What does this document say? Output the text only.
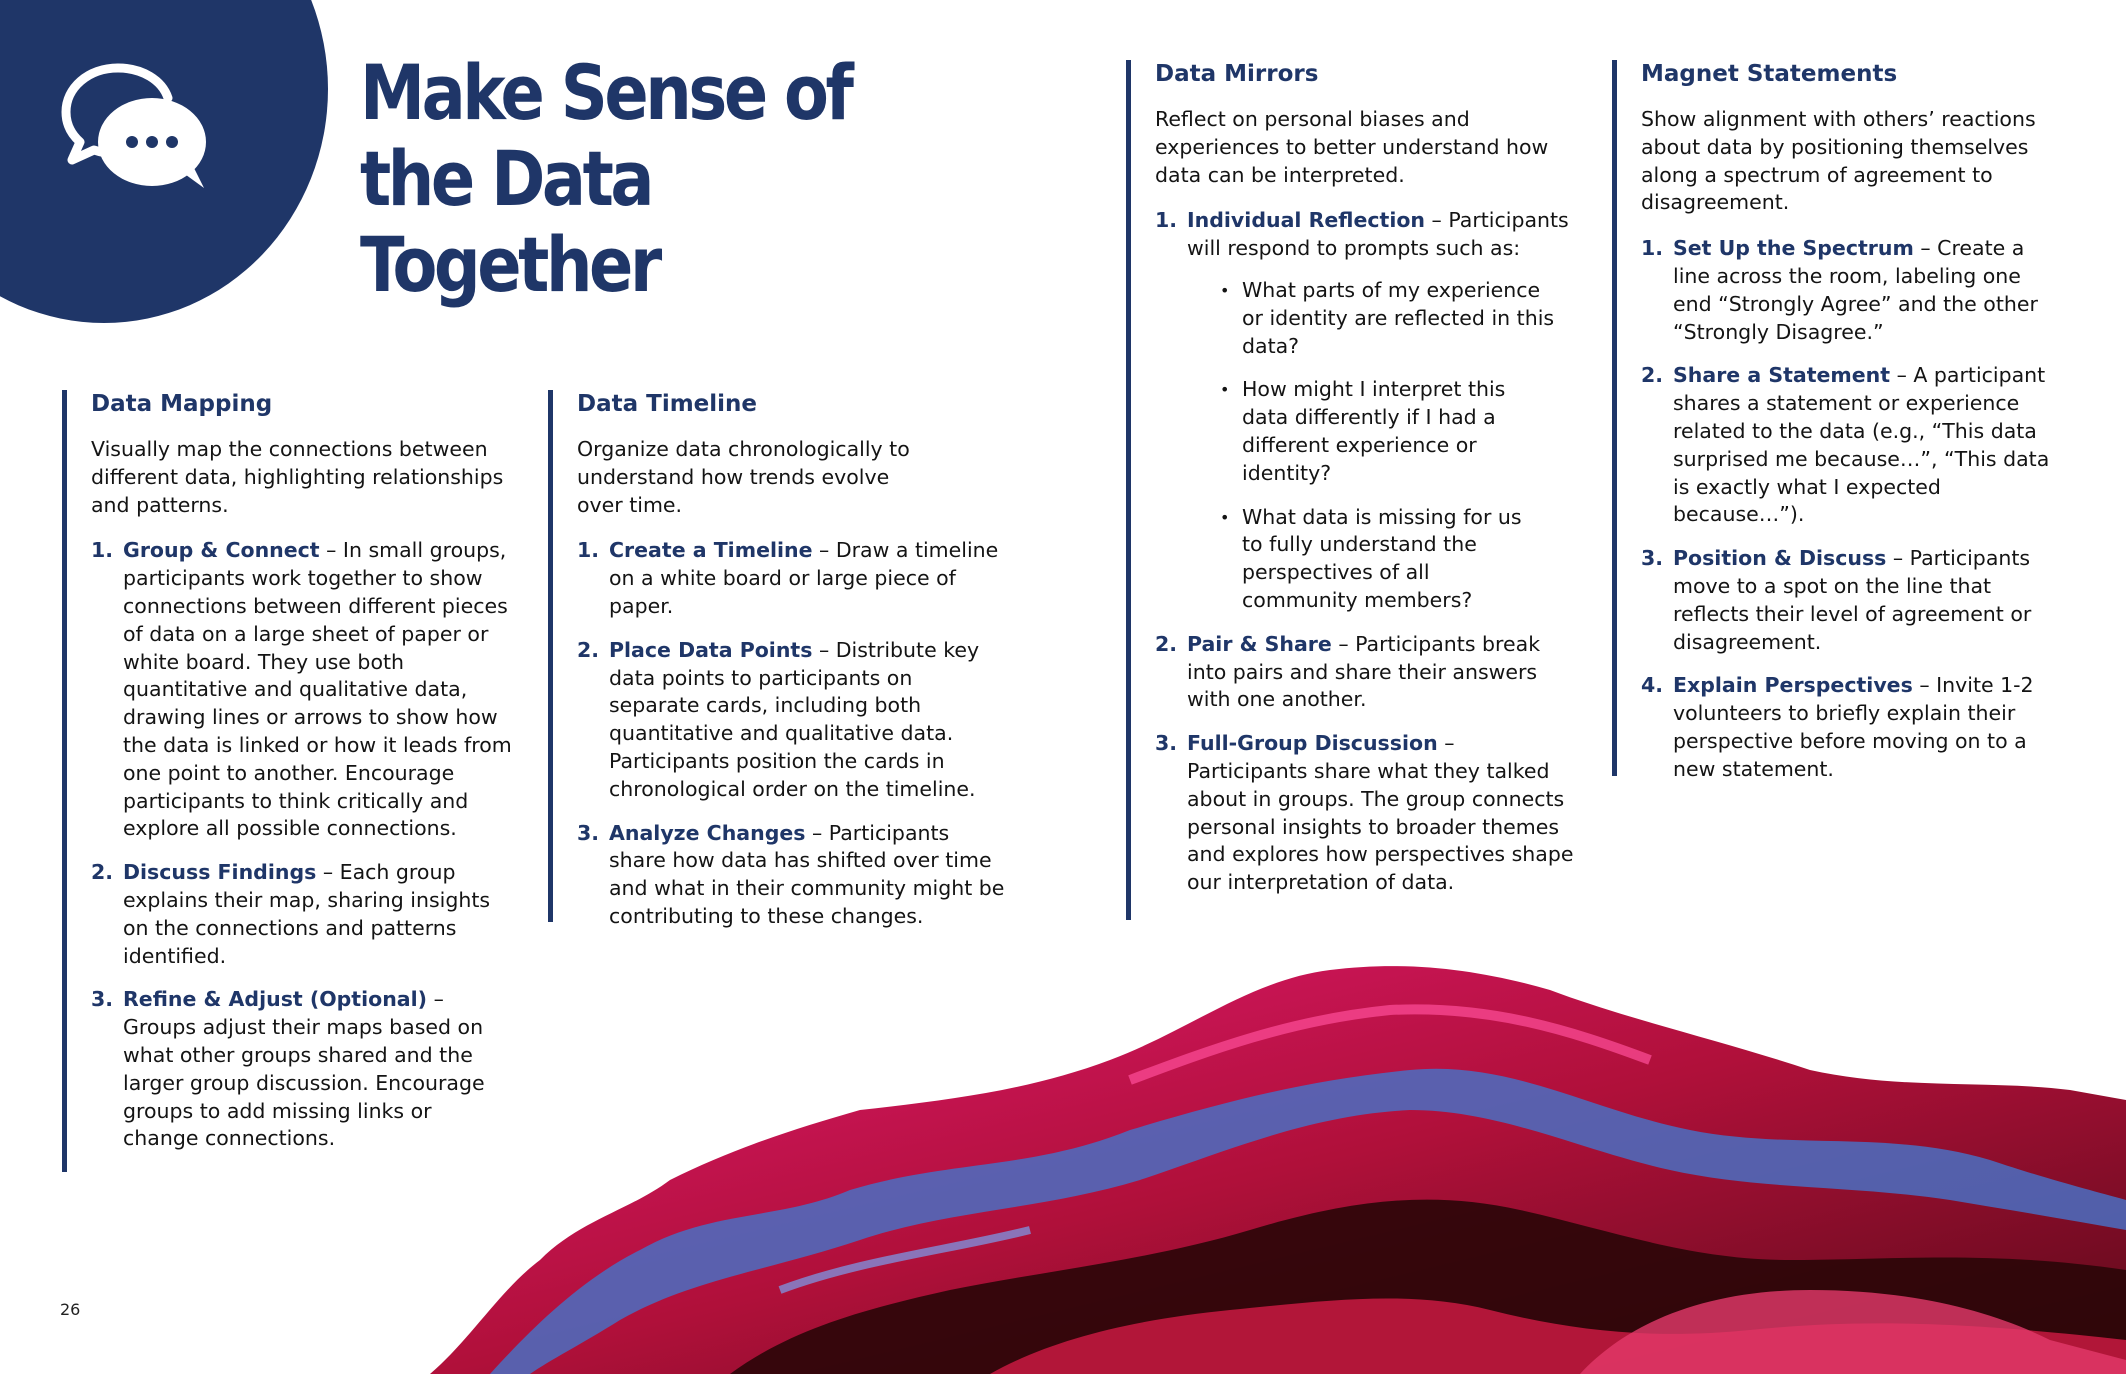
Make Sense of the Data Together
Data Mapping

Visually map the connections between different data, highlighting relationships and patterns.

1. Group & Connect – In small groups, participants work together to show connections between different pieces of data on a large sheet of paper or white board. They use both quantitative and qualitative data, drawing lines or arrows to show how the data is linked or how it leads from one point to another. Encourage participants to think critically and explore all possible connections.
2. Discuss Findings – Each group explains their map, sharing insights on the connections and patterns identified.
3. Refine & Adjust (Optional) – Groups adjust their maps based on what other groups shared and the larger group discussion. Encourage groups to add missing links or change connections.
Data Timeline

Organize data chronologically to understand how trends evolve over time.

1. Create a Timeline – Draw a timeline on a white board or large piece of paper.
2. Place Data Points – Distribute key data points to participants on separate cards, including both quantitative and qualitative data. Participants position the cards in chronological order on the timeline.
3. Analyze Changes – Participants share how data has shifted over time and what in their community might be contributing to these changes.
Data Mirrors

Reflect on personal biases and experiences to better understand how data can be interpreted.

1. Individual Reflection – Participants will respond to prompts such as:
• What parts of my experience or identity are reflected in this data?
• How might I interpret this data differently if I had a different experience or identity?
• What data is missing for us to fully understand the perspectives of all community members?
2. Pair & Share – Participants break into pairs and share their answers with one another.
3. Full-Group Discussion – Participants share what they talked about in groups. The group connects personal insights to broader themes and explores how perspectives shape our interpretation of data.
Magnet Statements

Show alignment with others’ reactions about data by positioning themselves along a spectrum of agreement to disagreement.

1. Set Up the Spectrum – Create a line across the room, labeling one end “Strongly Agree” and the other “Strongly Disagree.”
2. Share a Statement – A participant shares a statement or experience related to the data (e.g., “This data surprised me because…”, “This data is exactly what I expected because…”).
3. Position & Discuss – Participants move to a spot on the line that reflects their level of agreement or disagreement.
4. Explain Perspectives – Invite 1-2 volunteers to briefly explain their perspective before moving on to a new statement.
26
